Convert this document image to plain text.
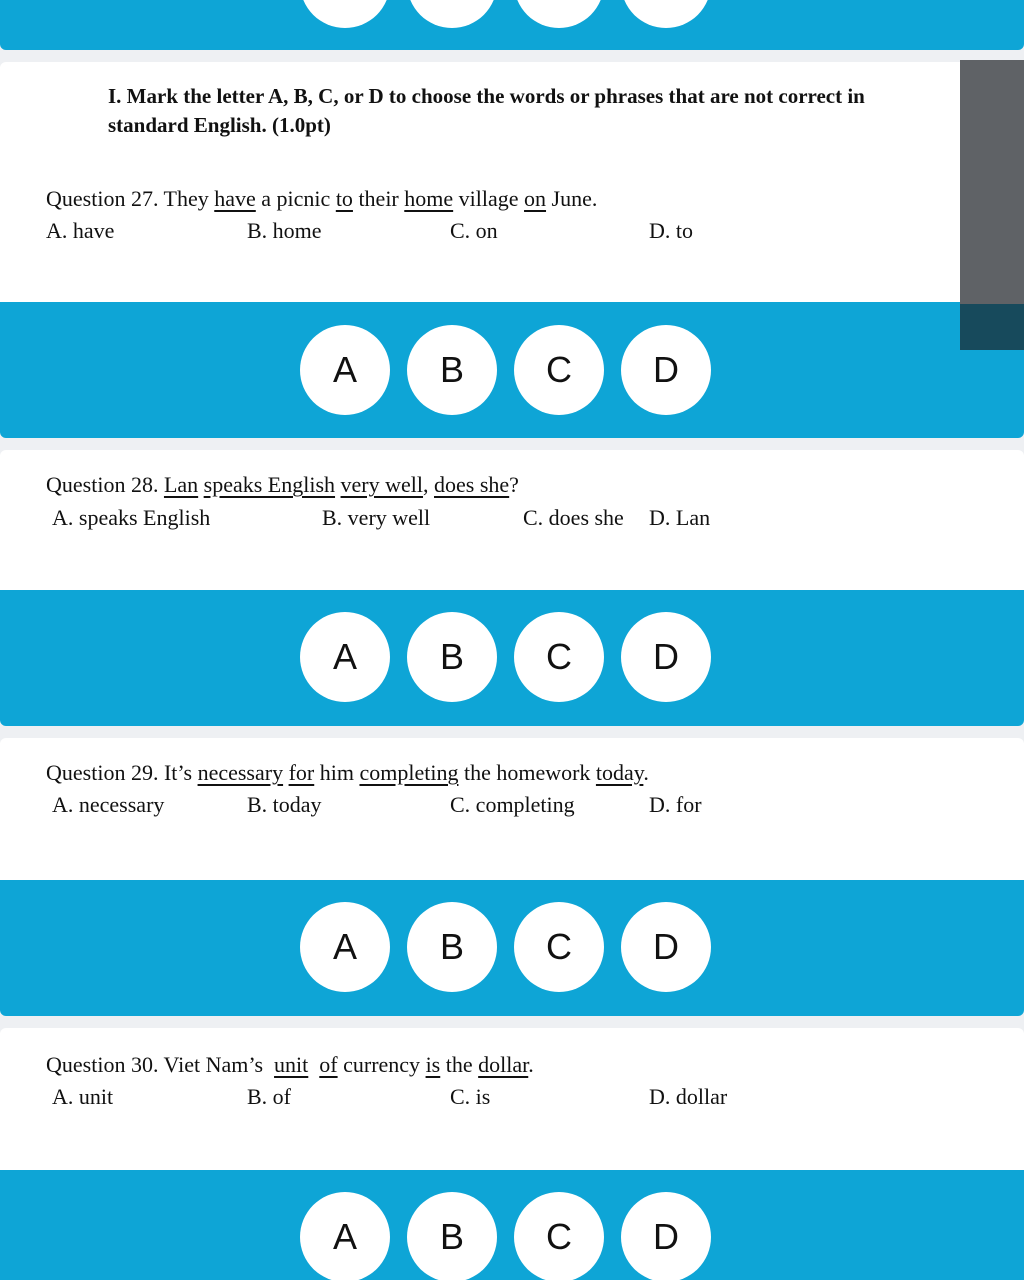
I. Mark the letter A, B, C, or D to choose the words or phrases that are not correct in standard English. (1.0pt)
Question 27. They have a picnic to their home village on June.
A. have	B. home	C. on	D. to
A	B	C	D
Question 28. Lan speaks English very well, does she?
A. speaks English	B. very well	C. does she D. Lan
A	B	C	D
Question 29. It’s necessary for him completing the homework today.
A. necessary	B. today	C. completing	D. for
A	B	C	D
Question 30. Viet Nam’s  unit of currency is the dollar.
A. unit	B. of	C. is	D. dollar
A	B	C	D
